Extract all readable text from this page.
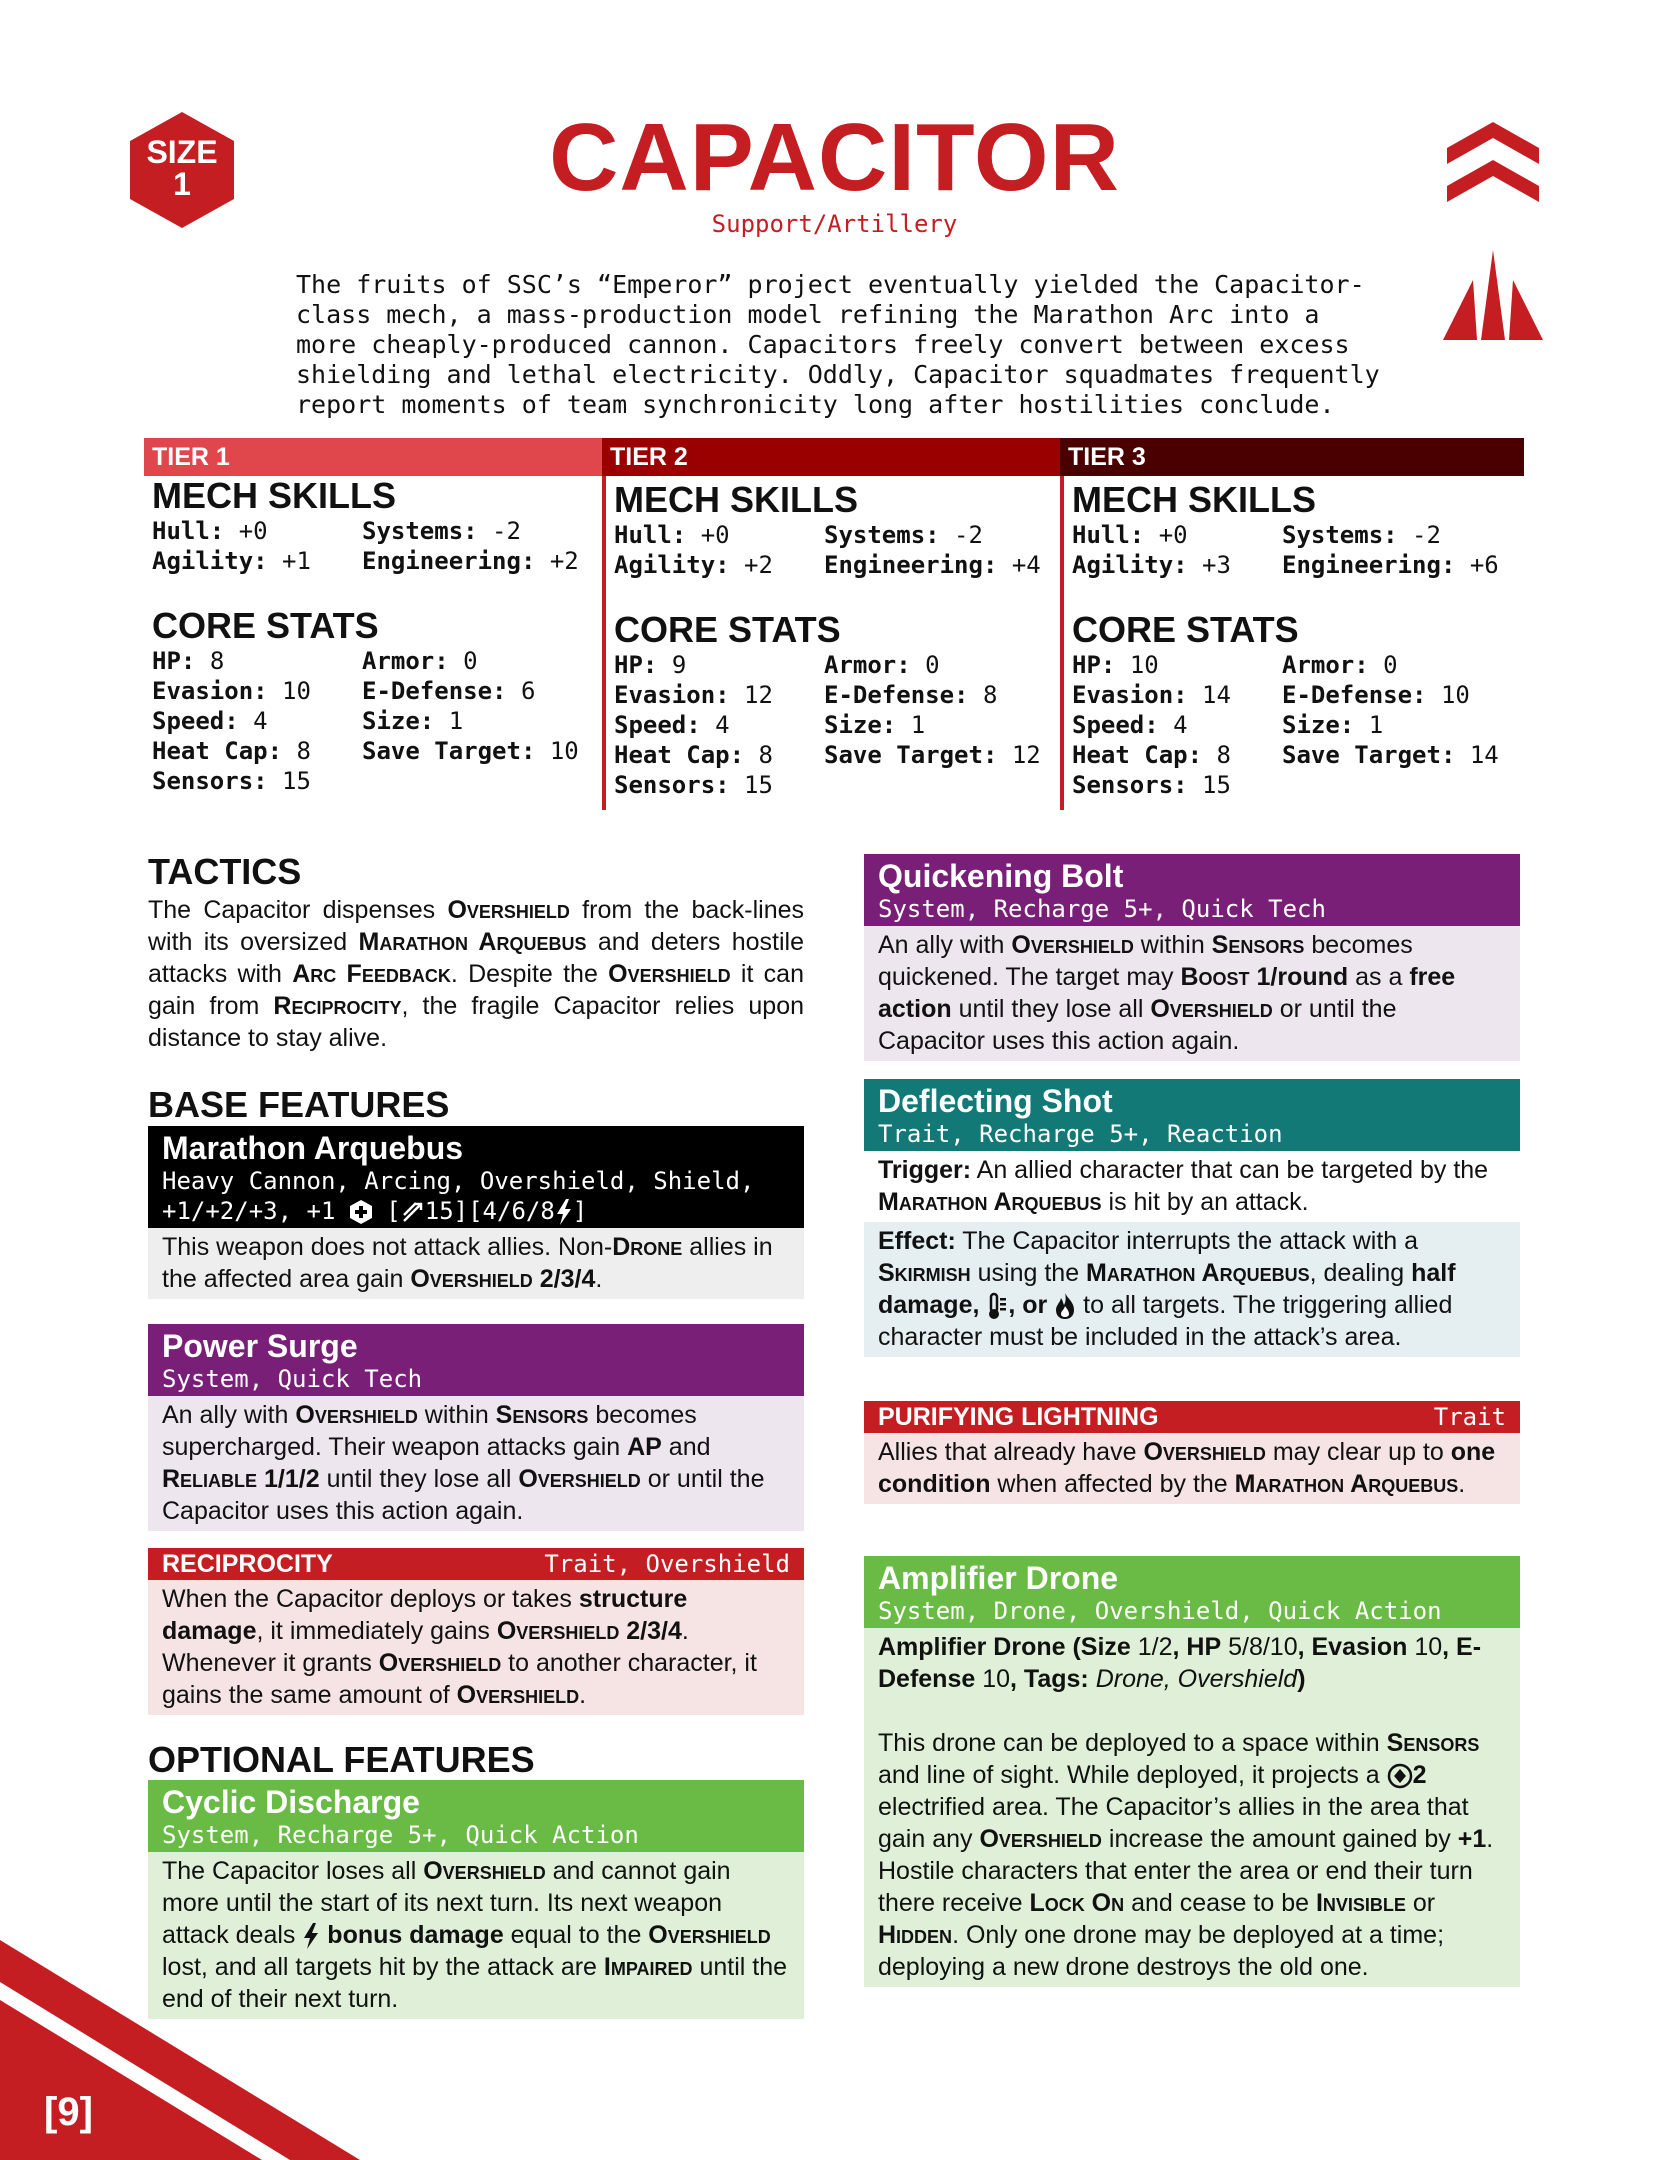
SIZE
1	CAPACITOR
Support/Artillery
The fruits of SSC’s “Emperor” project eventually yielded the Capacitor-
class mech, a mass-production model refining the Marathon Arc into a
more cheaply-produced cannon. Capacitors freely convert between excess
shielding and lethal electricity. Oddly, Capacitor squadmates frequently
report moments of team synchronicity long after hostilities conclude.
TIER 1
MECH SKILLS
Hull: +0	Systems: -2
Agility: +1	Engineering: +2
CORE STATS
HP: 8	Armor: 0
Evasion: 10	E-Defense: 6
Speed: 4	Size: 1
Heat Cap: 8	Save Target: 10
Sensors: 15
TIER 2
MECH SKILLS
Hull: +0	Systems: -2
Agility: +2	Engineering: +4
CORE STATS
HP: 9	Armor: 0
Evasion: 12	E-Defense: 8
Speed: 4	Size: 1
Heat Cap: 8	Save Target: 12
Sensors: 15
TIER 3
MECH SKILLS
Hull: +0	Systems: -2
Agility: +3	Engineering: +6
CORE STATS
HP: 10	Armor: 0
Evasion: 14	E-Defense: 10
Speed: 4	Size: 1
Heat Cap: 8	Save Target: 14
Sensors: 15
TACTICS
The Capacitor dispenses Overshield from the back-lines with its oversized Marathon Arquebus and deters hostile attacks with Arc Feedback. Despite the Overshield it can gain from Reciprocity, the fragile Capacitor relies upon distance to stay alive.
BASE FEATURES
Marathon Arquebus
Heavy Cannon, Arcing, Overshield, Shield,
+1/+2/+3, +1  [ 15][4/6/8 ]
This weapon does not attack allies. Non-Drone allies in the affected area gain Overshield 2/3/4.
Power Surge
System, Quick Tech
An ally with Overshield within Sensors becomes supercharged. Their weapon attacks gain AP and Reliable 1/1/2 until they lose all Overshield or until the Capacitor uses this action again.
RECIPROCITY	Trait, Overshield
When the Capacitor deploys or takes structure damage, it immediately gains Overshield 2/3/4. Whenever it grants Overshield to another character, it gains the same amount of Overshield.
OPTIONAL FEATURES
Cyclic Discharge
System, Recharge 5+, Quick Action
The Capacitor loses all Overshield and cannot gain more until the start of its next turn. Its next weapon attack deals  bonus damage equal to the Overshield lost, and all targets hit by the attack are Impaired until the end of their next turn.
Quickening Bolt
System, Recharge 5+, Quick Tech
An ally with Overshield within Sensors becomes quickened. The target may Boost 1/round as a free action until they lose all Overshield or until the Capacitor uses this action again.
Deflecting Shot
Trait, Recharge 5+, Reaction
Trigger: An allied character that can be targeted by the Marathon Arquebus is hit by an attack.
Effect: The Capacitor interrupts the attack with a Skirmish using the Marathon Arquebus, dealing half damage, , or  to all targets. The triggering allied character must be included in the attack’s area.
PURIFYING LIGHTNING	Trait
Allies that already have Overshield may clear up to one condition when affected by the Marathon Arquebus.
Amplifier Drone
System, Drone, Overshield, Quick Action
Amplifier Drone (Size 1/2, HP 5/8/10, Evasion 10, E-Defense 10, Tags: Drone, Overshield)
This drone can be deployed to a space within Sensors and line of sight. While deployed, it projects a 2 electrified area. The Capacitor’s allies in the area that gain any Overshield increase the amount gained by +1. Hostile characters that enter the area or end their turn there receive Lock On and cease to be Invisible or Hidden. Only one drone may be deployed at a time; deploying a new drone destroys the old one.
[9]
